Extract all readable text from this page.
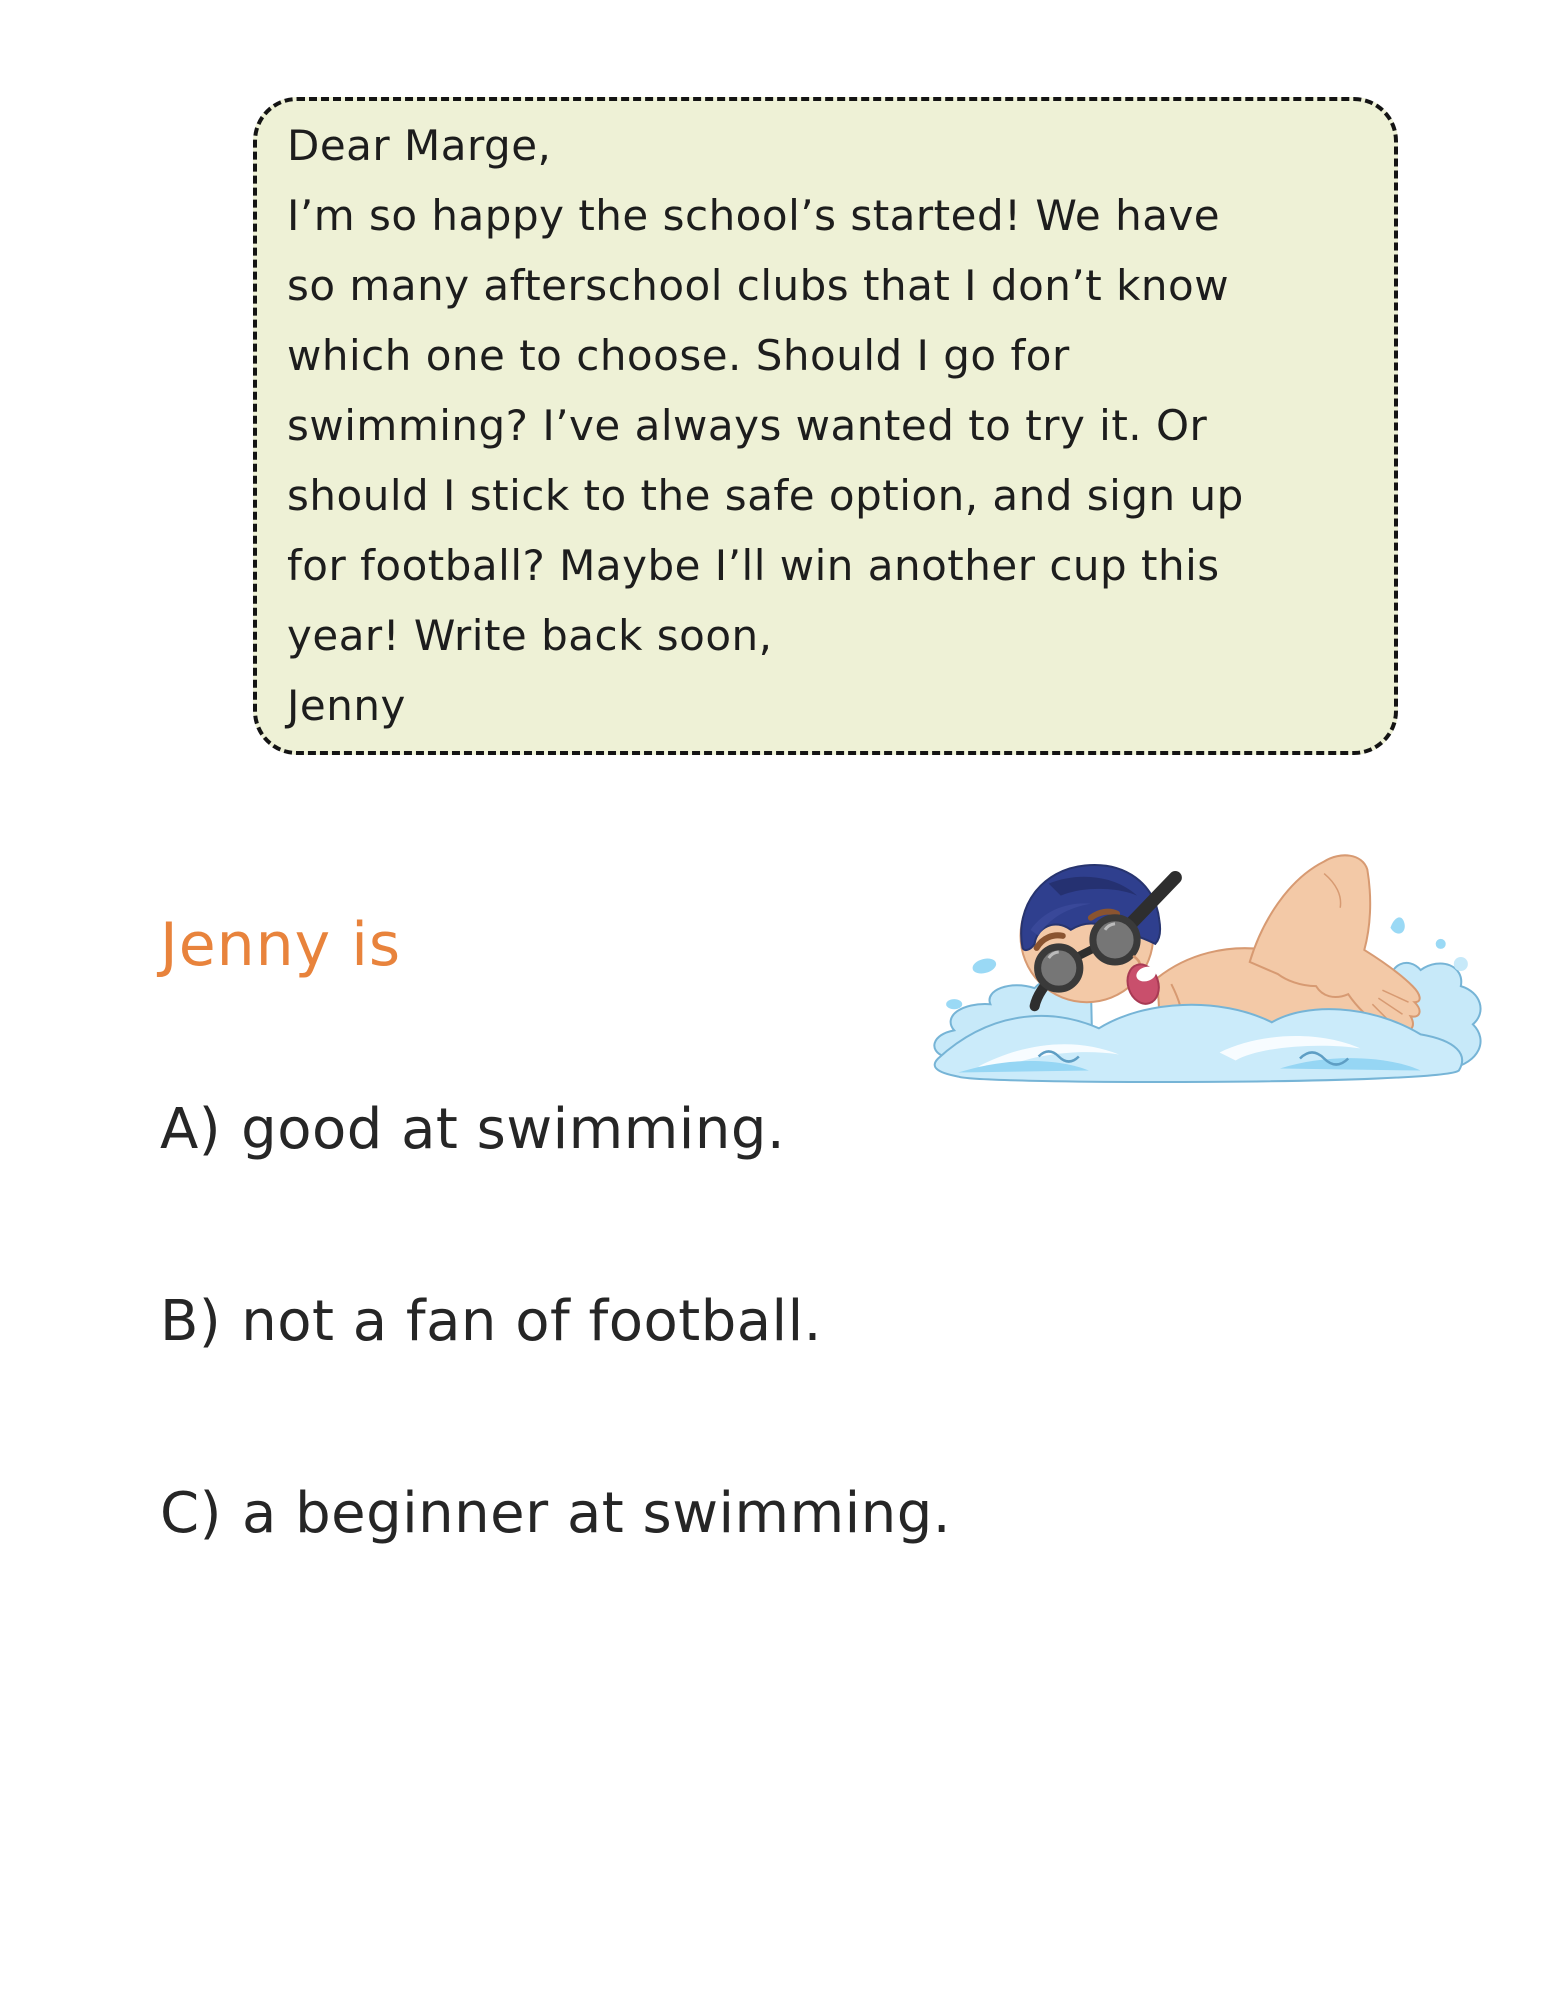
Dear Marge,
I’m so happy the school’s started! We have
so many afterschool clubs that I don’t know
which one to choose. Should I go for
swimming? I’ve always wanted to try it. Or
should I stick to the safe option, and sign up
for football? Maybe I’ll win another cup this
year! Write back soon,
Jenny
Jenny is
A) good at swimming.
B) not a fan of football.
C) a beginner at swimming.
